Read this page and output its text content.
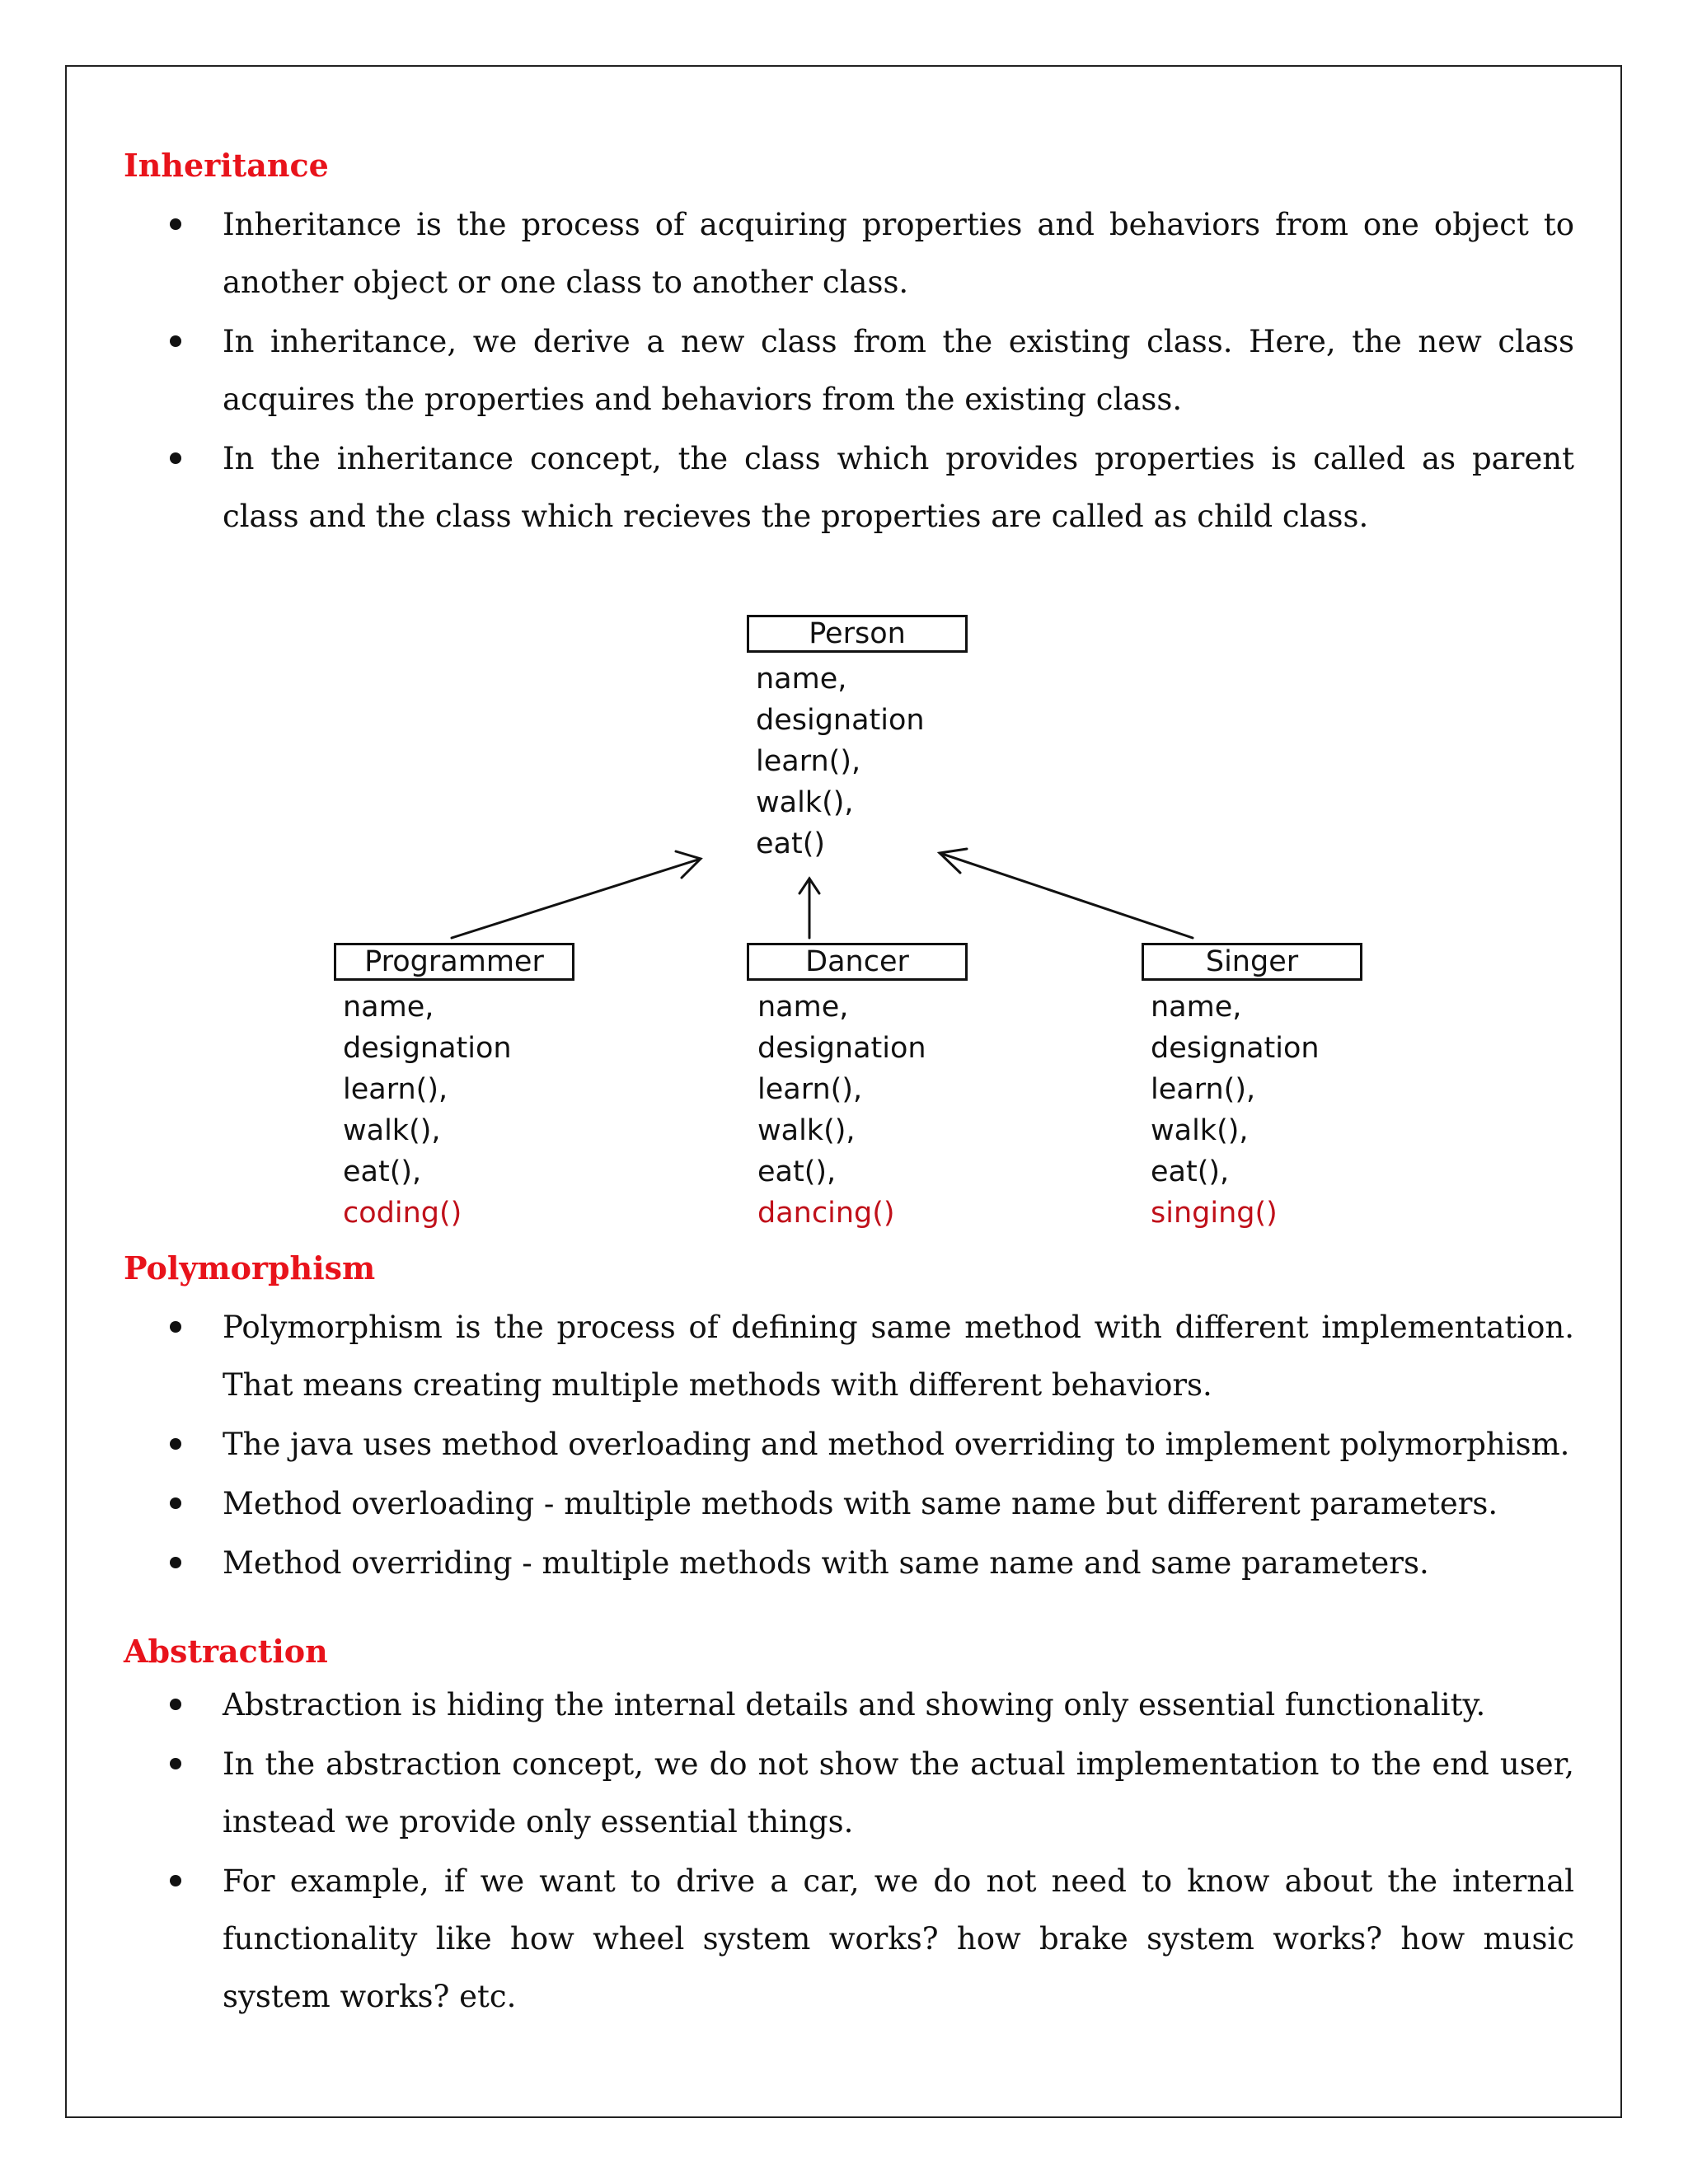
Inheritance
Inheritance is the process of acquiring properties and behaviors from one object to another object or one class to another class.
In inheritance, we derive a new class from the existing class. Here, the new class acquires the properties and behaviors from the existing class.
In the inheritance concept, the class which provides properties is called as parent class and the class which recieves the properties are called as child class.
Person
name,
designation
learn(),
walk(),
eat()
Programmer
name,
designation
learn(),
walk(),
eat(),
coding()
Dancer
name,
designation
learn(),
walk(),
eat(),
dancing()
Singer
name,
designation
learn(),
walk(),
eat(),
singing()
Polymorphism
Polymorphism is the process of defining same method with different implementation. That means creating multiple methods with different behaviors.
The java uses method overloading and method overriding to implement polymorphism.
Method overloading - multiple methods with same name but different parameters.
Method overriding - multiple methods with same name and same parameters.
Abstraction
Abstraction is hiding the internal details and showing only essential functionality.
In the abstraction concept, we do not show the actual implementation to the end user, instead we provide only essential things.
For example, if we want to drive a car, we do not need to know about the internal functionality like how wheel system works? how brake system works? how music system works? etc.
